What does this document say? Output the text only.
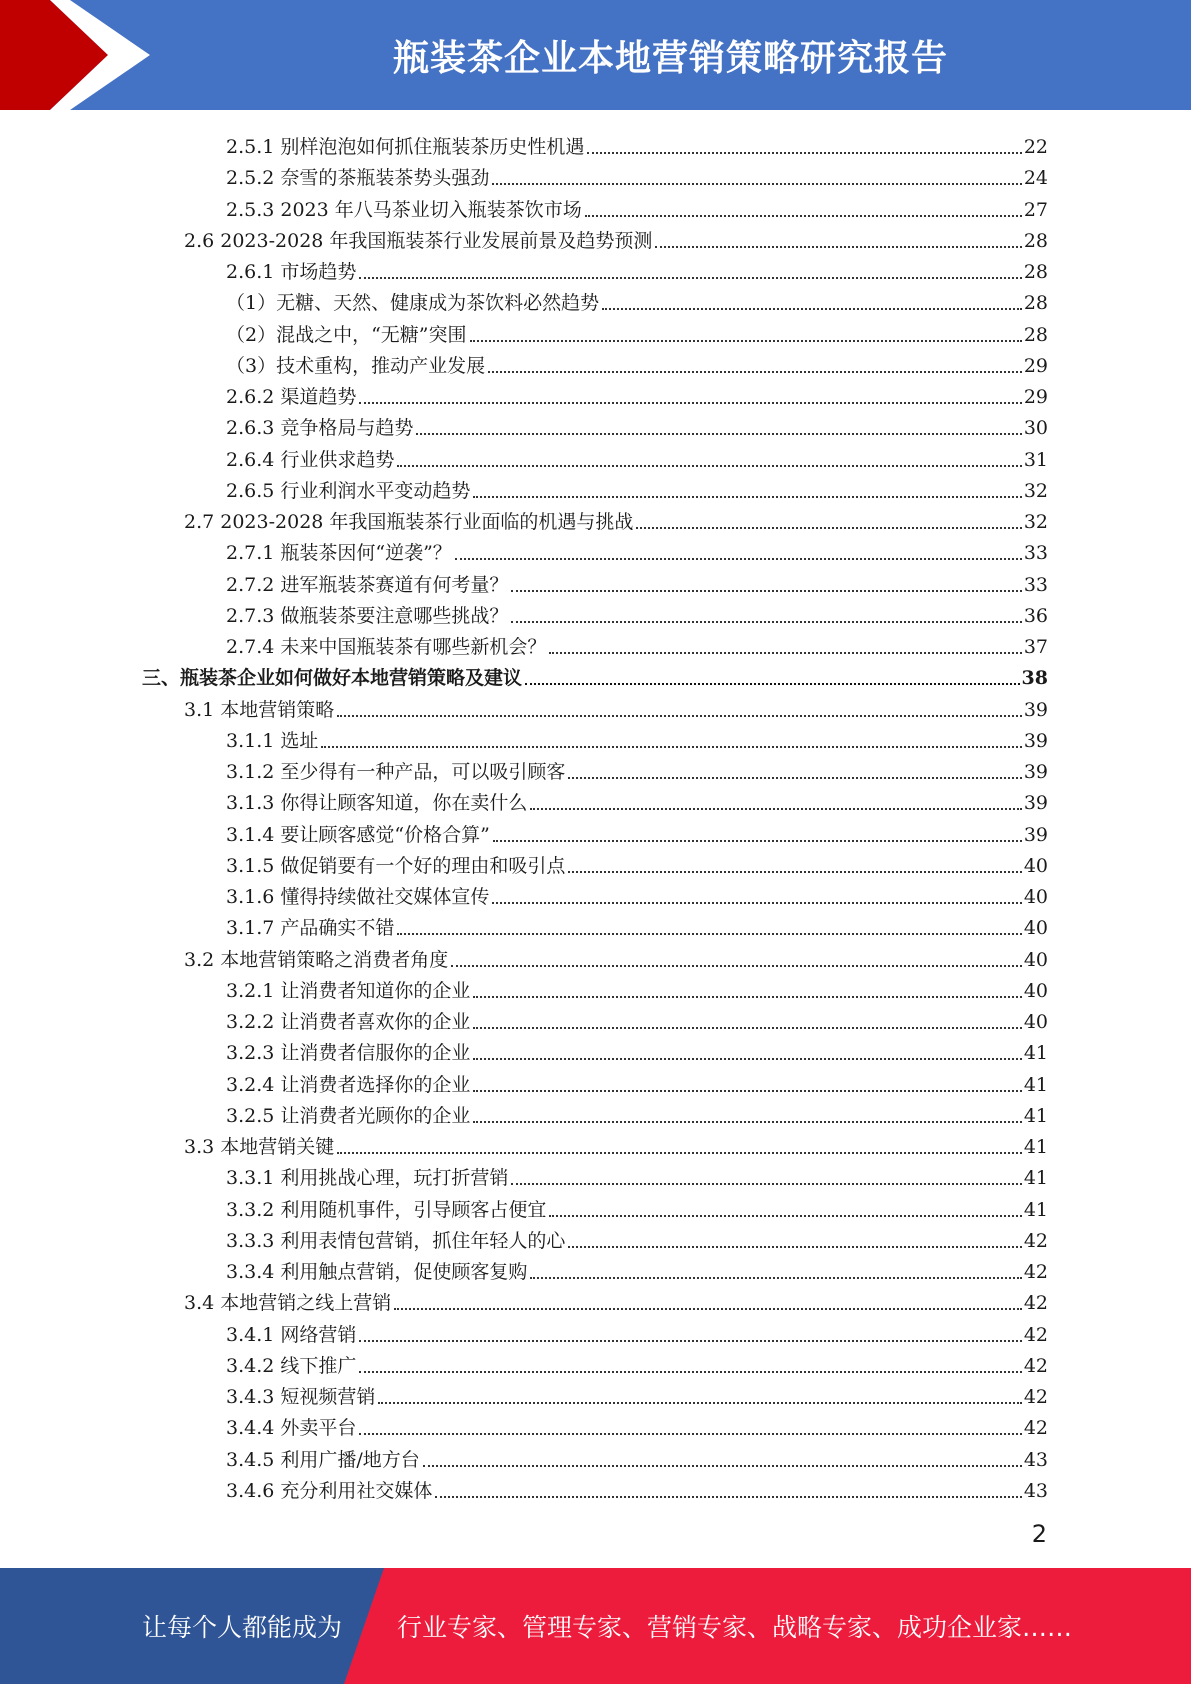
瓶装茶企业本地营销策略研究报告
2.5.1 别样泡泡如何抓住瓶装茶历史性机遇	22
2.5.2 奈雪的茶瓶装茶势头强劲	24
2.5.3 2023 年八马茶业切入瓶装茶饮市场	27
2.6 2023-2028 年我国瓶装茶行业发展前景及趋势预测	28
2.6.1 市场趋势	28
（1）无糖、天然、健康成为茶饮料必然趋势	28
（2）混战之中，“无糖”突围	28
（3）技术重构，推动产业发展	29
2.6.2 渠道趋势	29
2.6.3 竞争格局与趋势	30
2.6.4 行业供求趋势	31
2.6.5 行业利润水平变动趋势	32
2.7 2023-2028 年我国瓶装茶行业面临的机遇与挑战	32
2.7.1 瓶装茶因何“逆袭”？	33
2.7.2 进军瓶装茶赛道有何考量？	33
2.7.3 做瓶装茶要注意哪些挑战？	36
2.7.4 未来中国瓶装茶有哪些新机会？	37
三、瓶装茶企业如何做好本地营销策略及建议	38
3.1 本地营销策略	39
3.1.1 选址	39
3.1.2 至少得有一种产品，可以吸引顾客	39
3.1.3 你得让顾客知道，你在卖什么	39
3.1.4 要让顾客感觉“价格合算”	39
3.1.5 做促销要有一个好的理由和吸引点	40
3.1.6 懂得持续做社交媒体宣传	40
3.1.7 产品确实不错	40
3.2 本地营销策略之消费者角度	40
3.2.1 让消费者知道你的企业	40
3.2.2 让消费者喜欢你的企业	40
3.2.3 让消费者信服你的企业	41
3.2.4 让消费者选择你的企业	41
3.2.5 让消费者光顾你的企业	41
3.3 本地营销关键	41
3.3.1 利用挑战心理，玩打折营销	41
3.3.2 利用随机事件，引导顾客占便宜	41
3.3.3 利用表情包营销，抓住年轻人的心	42
3.3.4 利用触点营销，促使顾客复购	42
3.4 本地营销之线上营销	42
3.4.1 网络营销	42
3.4.2 线下推广	42
3.4.3 短视频营销	42
3.4.4 外卖平台	42
3.4.5 利用广播/地方台	43
3.4.6 充分利用社交媒体	43
2
让每个人都能成为 行业专家、管理专家、营销专家、战略专家、成功企业家……
